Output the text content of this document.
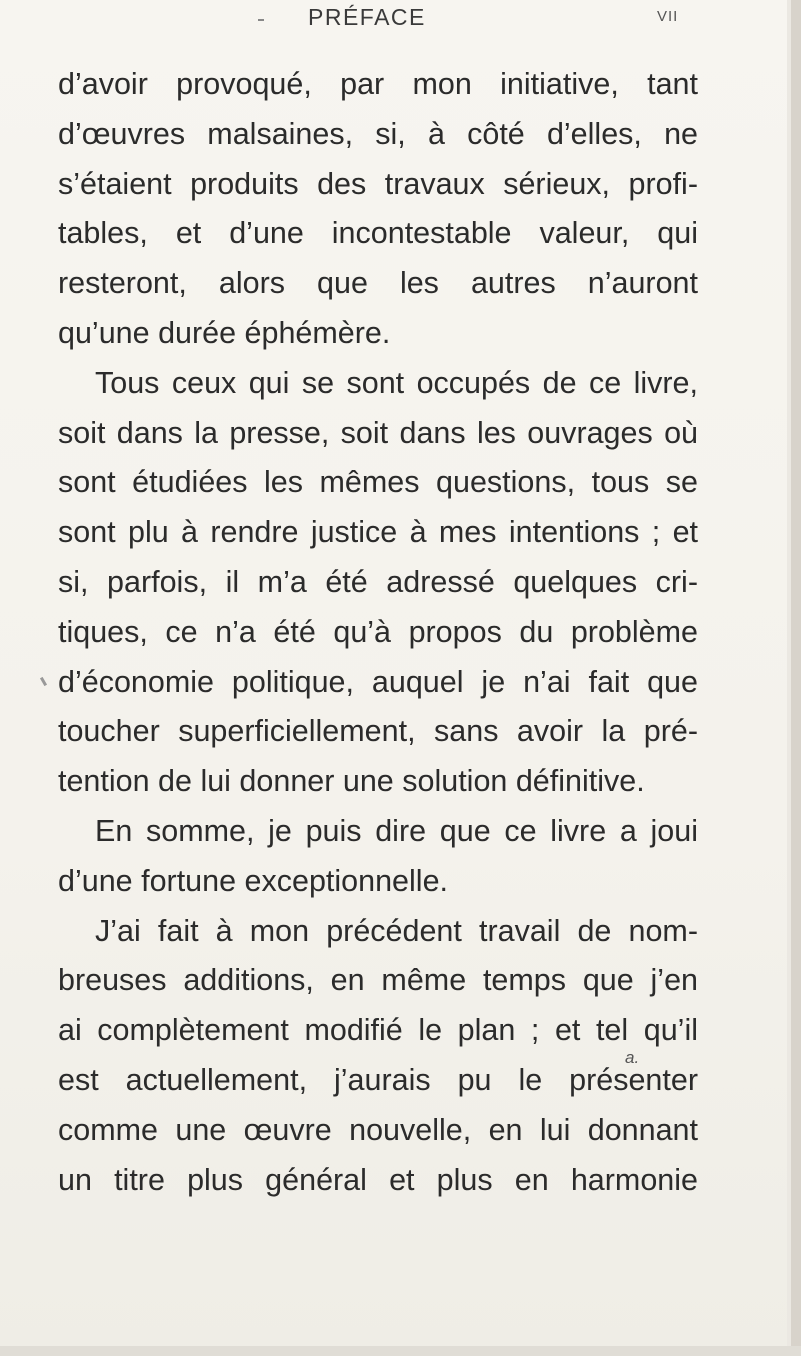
PRÉFACE	VII
d’avoir provoqué, par mon initiative, tant
d’œuvres malsaines, si, à côté d’elles, ne
s’étaient produits des travaux sérieux, profi-
tables, et d’une incontestable valeur, qui
resteront, alors que les autres n’auront
qu’une durée éphémère.
Tous ceux qui se sont occupés de ce livre,
soit dans la presse, soit dans les ouvrages où
sont étudiées les mêmes questions, tous se
sont plu à rendre justice à mes intentions ; et
si, parfois, il m’a été adressé quelques cri-
tiques, ce n’a été qu’à propos du problème
d’économie politique, auquel je n’ai fait que
toucher superficiellement, sans avoir la pré-
tention de lui donner une solution définitive.
En somme, je puis dire que ce livre a joui
d’une fortune exceptionnelle.
J’ai fait à mon précédent travail de nom-
breuses additions, en même temps que j’en
ai complètement modifié le plan ; et tel qu’il
est actuellement, j’aurais pu le présenter
comme une œuvre nouvelle, en lui donnant
un titre plus général et plus en harmonie
a.
